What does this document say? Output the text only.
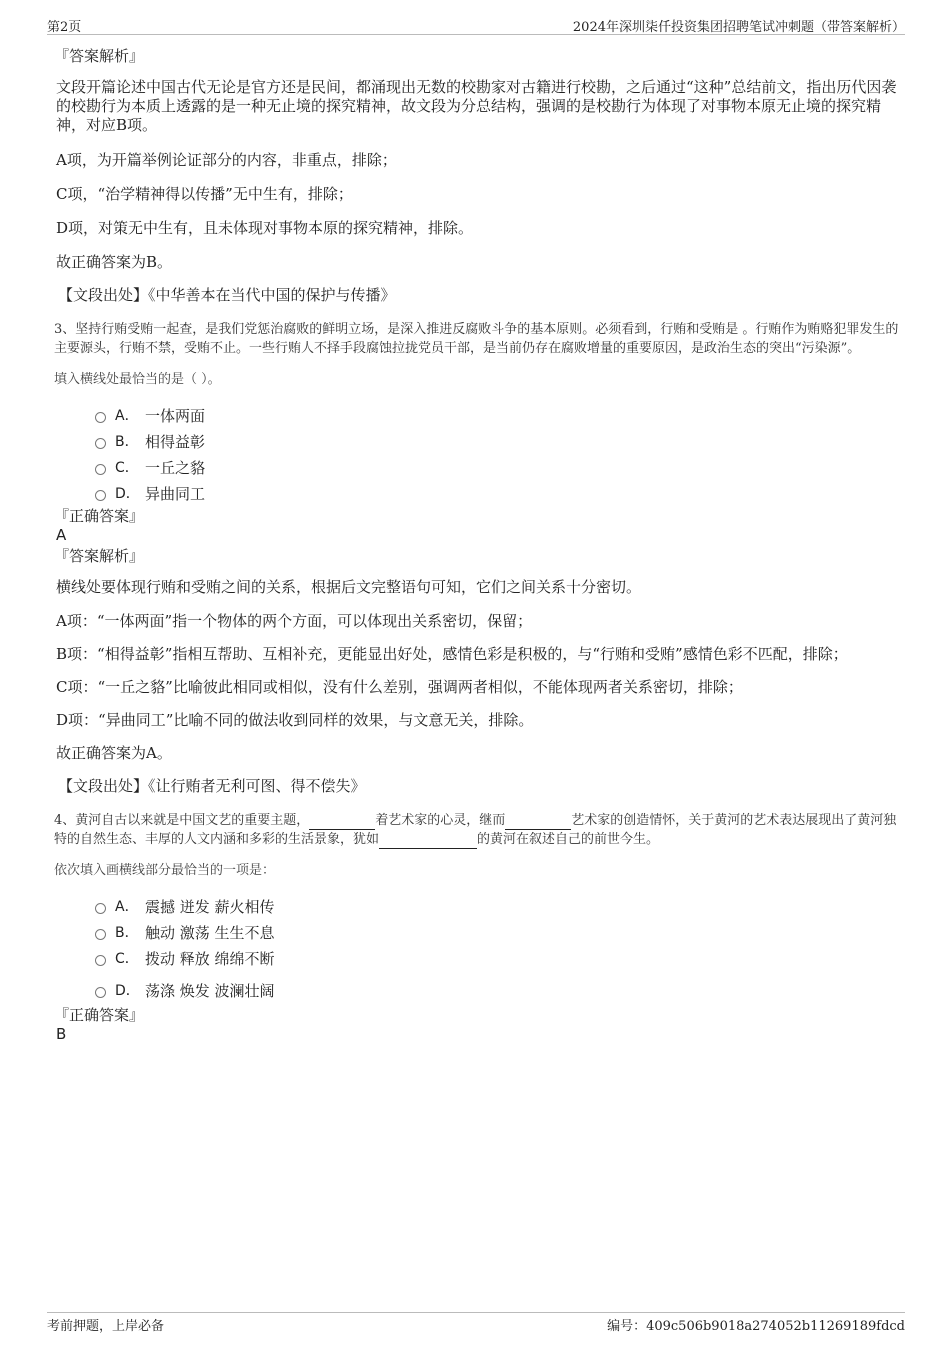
第2页	2024年深圳柒仟投资集团招聘笔试冲刺题（带答案解析）
『答案解析』

文段开篇论述中国古代无论是官方还是民间，都涌现出无数的校勘家对古籍进行校勘，之后通过“这种”总结前文，指出历代因袭的校勘行为本质上透露的是一种无止境的探究精神，故文段为分总结构，强调的是校勘行为体现了对事物本原无止境的探究精神，对应B项。

A项，为开篇举例论证部分的内容，非重点，排除；

C项，“治学精神得以传播”无中生有，排除；

D项，对策无中生有，且未体现对事物本原的探究精神，排除。

故正确答案为B。

【文段出处】《中华善本在当代中国的保护与传播》

3、坚持行贿受贿一起查，是我们党惩治腐败的鲜明立场，是深入推进反腐败斗争的基本原则。必须看到，行贿和受贿是 。行贿作为贿赂犯罪发生的主要源头，行贿不禁，受贿不止。一些行贿人不择手段腐蚀拉拢党员干部，是当前仍存在腐败增量的重要原因，是政治生态的突出“污染源”。

填入横线处最恰当的是（ ）。

A． 一体两面
B． 相得益彰
C． 一丘之貉
D． 异曲同工
『正确答案』
A
『答案解析』

横线处要体现行贿和受贿之间的关系，根据后文完整语句可知，它们之间关系十分密切。

A项：“一体两面”指一个物体的两个方面，可以体现出关系密切，保留；

B项：“相得益彰”指相互帮助、互相补充，更能显出好处，感情色彩是积极的，与“行贿和受贿”感情色彩不匹配，排除；

C项：“一丘之貉”比喻彼此相同或相似，没有什么差别，强调两者相似，不能体现两者关系密切，排除；

D项：“异曲同工”比喻不同的做法收到同样的效果，与文意无关，排除。

故正确答案为A。

【文段出处】《让行贿者无利可图、得不偿失》

4、黄河自古以来就是中国文艺的重要主题，	着艺术家的心灵，继而	艺术家的创造情怀，关于黄河的艺术表达展现出了黄河独特的自然生态、丰厚的人文内涵和多彩的生活景象，犹如	的黄河在叙述自己的前世今生。

依次填入画横线部分最恰当的一项是：

A． 震撼 迸发 薪火相传
B． 触动 激荡 生生不息
C． 拨动 释放 绵绵不断
D． 荡涤 焕发 波澜壮阔
『正确答案』
B
考前押题，上岸必备	编号：409c506b9018a274052b11269189fdcd
